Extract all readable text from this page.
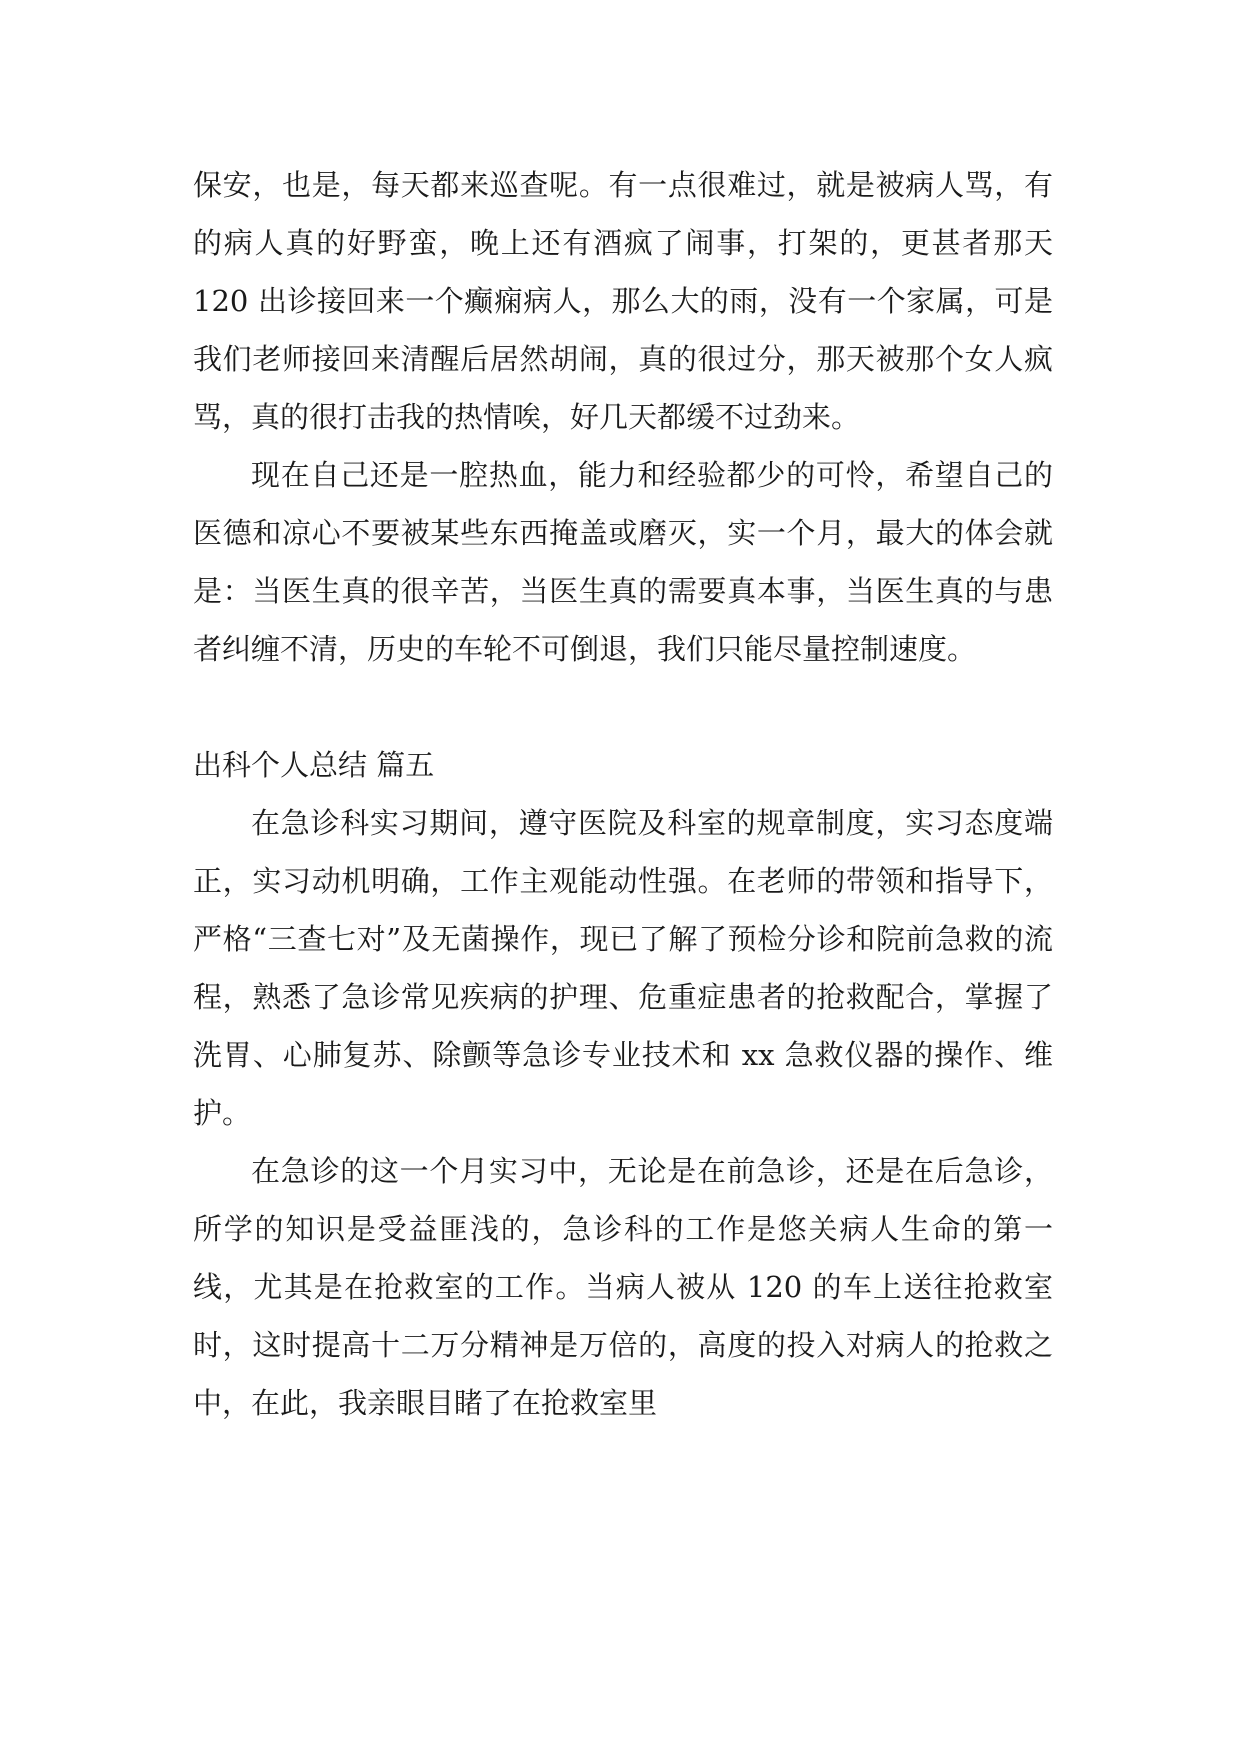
保安，也是，每天都来巡查呢。有一点很难过，就是被病人骂，有的病人真的好野蛮，晚上还有酒疯了闹事，打架的，更甚者那天 120 出诊接回来一个癫痫病人，那么大的雨，没有一个家属，可是我们老师接回来清醒后居然胡闹，真的很过分，那天被那个女人疯骂，真的很打击我的热情唉，好几天都缓不过劲来。

现在自己还是一腔热血，能力和经验都少的可怜，希望自己的医德和凉心不要被某些东西掩盖或磨灭，实一个月，最大的体会就是：当医生真的很辛苦，当医生真的需要真本事，当医生真的与患者纠缠不清，历史的车轮不可倒退，我们只能尽量控制速度。

出科个人总结 篇五

在急诊科实习期间，遵守医院及科室的规章制度，实习态度端正，实习动机明确，工作主观能动性强。在老师的带领和指导下，严格“三查七对”及无菌操作，现已了解了预检分诊和院前急救的流程，熟悉了急诊常见疾病的护理、危重症患者的抢救配合，掌握了洗胃、心肺复苏、除颤等急诊专业技术和 xx 急救仪器的操作、维护。

在急诊的这一个月实习中，无论是在前急诊，还是在后急诊，所学的知识是受益匪浅的，急诊科的工作是悠关病人生命的第一线，尤其是在抢救室的工作。当病人被从 120 的车上送往抢救室时，这时提高十二万分精神是万倍的，高度的投入对病人的抢救之中，在此，我亲眼目睹了在抢救室里
